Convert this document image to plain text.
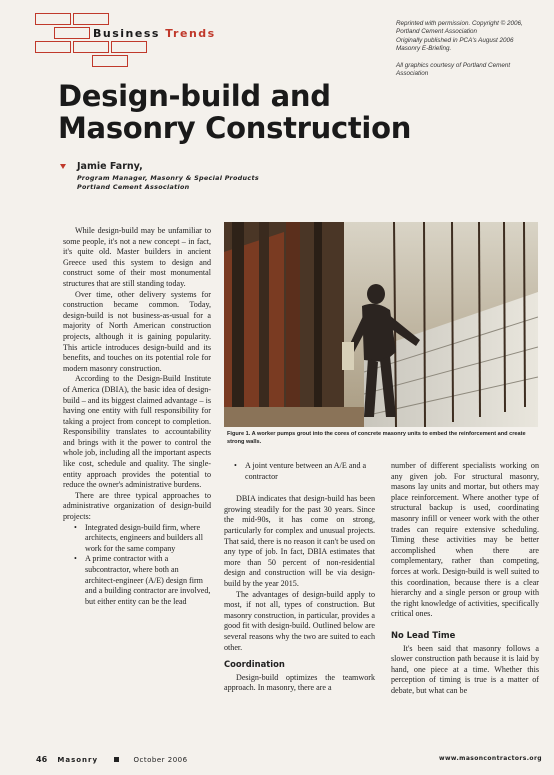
Business Trends
Reprinted with permission. Copyright © 2006,
Portland Cement Association
Originally published in PCA's August 2006
Masonry E-Briefing.
All graphics courtesy of Portland Cement
Association
Design-build and
Masonry Construction
Jamie Farny,
Program Manager, Masonry & Special Products
Portland Cement Association

While design-build may be unfamiliar to some people, it's not a new concept – in fact, it's quite old. Master builders in ancient Greece used this system to design and construct some of their most monumental structures that are still standing today.

Over time, other delivery systems for construction became common. Today, design-build is not business-as-usual for a majority of North American construction projects, although it is gaining popularity. This article introduces design-build and its benefits, and touches on its potential role for modern masonry construction.

According to the Design-Build Institute of America (DBIA), the basic idea of design-build – and its biggest claimed advantage – is having one entity with full responsibility for taking a project from concept to completion. Responsibility translates to accountability and brings with it the power to control the whole job, including all the important aspects like cost, schedule and quality. The single-entity approach provides the potential to reduce the owner's administrative burdens.

There are three typical approaches to administrative organization of design-build projects:

• Integrated design-build firm, where architects, engineers and builders all work for the same company
• A prime contractor with a subcontractor, where both an architect-engineer (A/E) design firm and a building contractor are involved, but either entity can be the lead
Figure 1. A worker pumps grout into the cores of concrete masonry units to embed the reinforcement and create strong walls.
• A joint venture between an A/E and a contractor

DBIA indicates that design-build has been growing steadily for the past 30 years. Since the mid-90s, it has come on strong, particularly for complex and unusual projects. That said, there is no reason it can't be used on any type of job. In fact, DBIA estimates that more than 50 percent of non-residential design and construction will be via design-build by the year 2015.

The advantages of design-build apply to most, if not all, types of construction. But masonry construction, in particular, provides a good fit with design-build. Outlined below are several reasons why the two are suited to each other.

Coordination

Design-build optimizes the teamwork approach. In masonry, there are a

number of different specialists working on any given job. For structural masonry, masons lay units and mortar, but others may place reinforcement. Where another type of structural backup is used, coordinating masonry infill or veneer work with the other trades can require extensive scheduling. Timing these activities may be better accomplished when there are complementary, rather than competing, forces at work. Design-build is well suited to this coordination, because there is a clear hierarchy and a single person or group with the right knowledge of activities, specifically critical ones.

No Lead Time

It's been said that masonry follows a slower construction path because it is laid by hand, one piece at a time. Whether this perception of timing is true is a matter of debate, but what can be

46 Masonry	October 2006	www.masoncontractors.org
